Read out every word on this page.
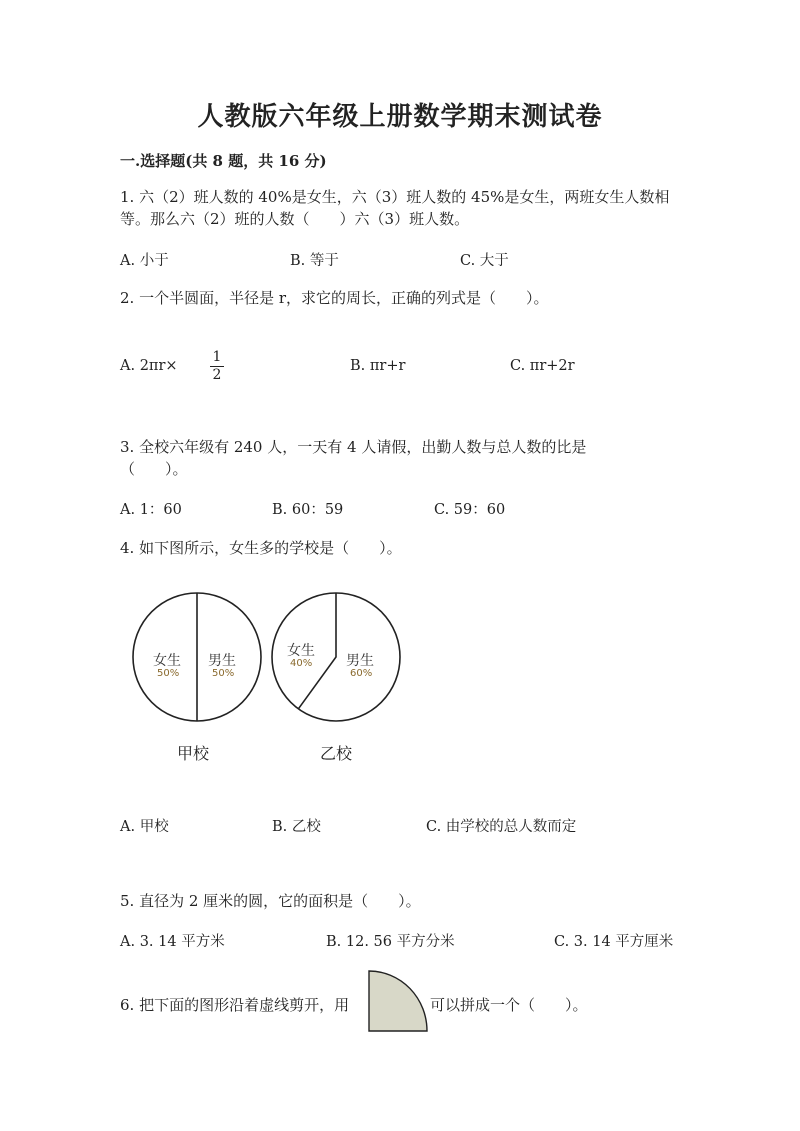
人教版六年级上册数学期末测试卷
一.选择题(共 8 题，共 16 分)
1. 六（2）班人数的 40%是女生，六（3）班人数的 45%是女生，两班女生人数相
等。那么六（2）班的人数（　　）六（3）班人数。
A. 小于	B. 等于	C. 大于
2. 一个半圆面，半径是 r，求它的周长，正确的列式是（　　）。
A. 2πr×
1
2
B. πr+r	C. πr+2r
3. 全校六年级有 240 人，一天有 4 人请假，出勤人数与总人数的比是
（　　）。
A. 1：60	B. 60：59	C. 59：60
4. 如下图所示，女生多的学校是（　　）。
女生
50%
男生
50%
女生
40% 男生
60%
甲校	乙校
A. 甲校	B. 乙校	C. 由学校的总人数而定
5. 直径为 2 厘米的圆，它的面积是（　　）。
A. 3. 14 平方米	B. 12. 56 平方分米	C. 3. 14 平方厘米
6. 把下面的图形沿着虚线剪开，用	可以拼成一个（　　）。
